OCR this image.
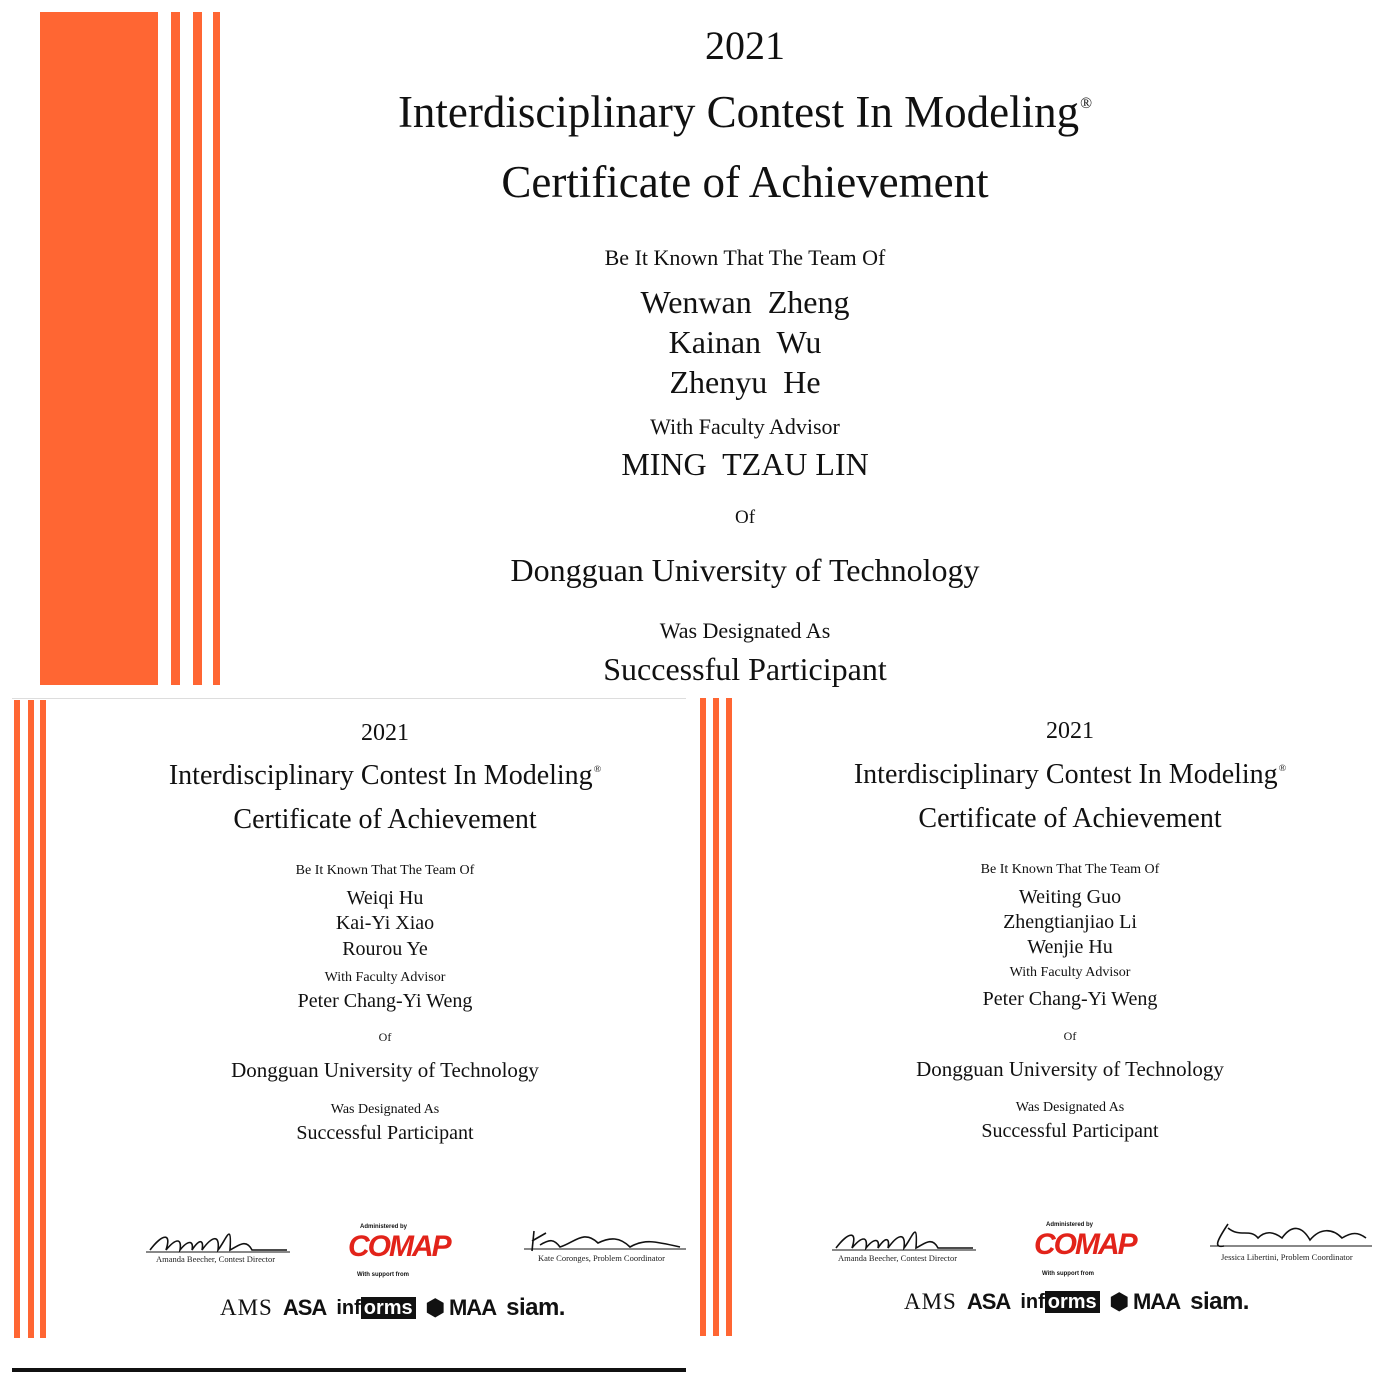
2021
Interdisciplinary Contest In Modeling®
Certificate of Achievement
Be It Known That The Team Of
Wenwan  Zheng
Kainan  Wu
Zhenyu  He
With Faculty Advisor
MING  TZAU LIN
Of
Dongguan University of Technology
Was Designated As
Successful Participant
2021
Interdisciplinary Contest In Modeling®
Certificate of Achievement
Be It Known That The Team Of
Weiqi Hu
Kai-Yi Xiao
Rourou Ye
With Faculty Advisor
Peter Chang-Yi Weng
Of
Dongguan University of Technology
Was Designated As
Successful Participant
AmandaBeecher Amanda Beecher, Contest Director
Administered by
COMAP
With support from
Kate Coronges Kate Coronges, Problem Coordinator
AMS ASA inf orms ⬢ MAA siam.
2021
Interdisciplinary Contest In Modeling®
Certificate of Achievement
Be It Known That The Team Of
Weiting Guo
Zhengtianjiao Li
Wenjie Hu
With Faculty Advisor
Peter Chang-Yi Weng
Of
Dongguan University of Technology
Was Designated As
Successful Participant
AmandaBeecher Amanda Beecher, Contest Director
Administered by
COMAP
With support from
Jessica M Libertini Jessica Libertini, Problem Coordinator
AMS ASA inf orms ⬢ MAA siam.
